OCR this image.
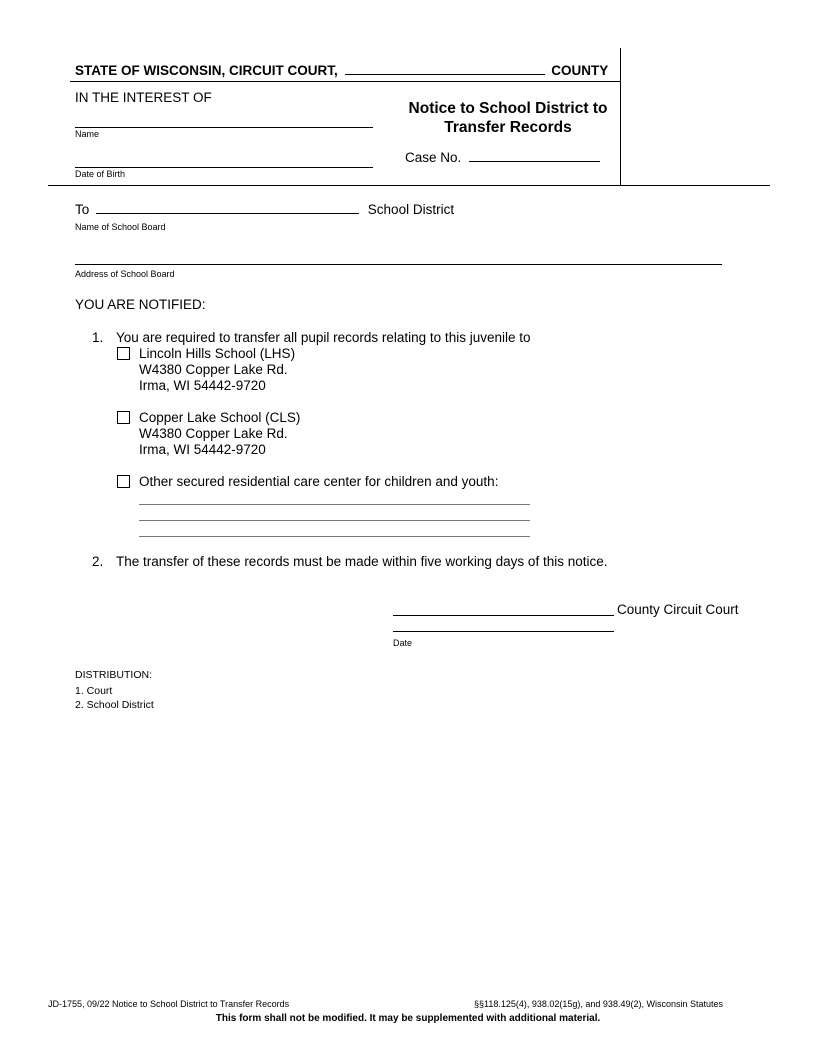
STATE OF WISCONSIN, CIRCUIT COURT,	COUNTY
IN THE INTEREST OF
Name
Date of Birth
Notice to School District to
Transfer Records
Case No.
To	School District
Name of School Board
Address of School Board
YOU ARE NOTIFIED:
1. You are required to transfer all pupil records relating to this juvenile to
Lincoln Hills School (LHS)
W4380 Copper Lake Rd.
Irma, WI 54442-9720
Copper Lake School (CLS)
W4380 Copper Lake Rd.
Irma, WI 54442-9720
Other secured residential care center for children and youth:
2. The transfer of these records must be made within five working days of this notice.
County Circuit Court
Date
DISTRIBUTION:
1. Court
2. School District
JD-1755, 09/22 Notice to School District to Transfer Records	§§118.125(4), 938.02(15g), and 938.49(2), Wisconsin Statutes
This form shall not be modified. It may be supplemented with additional material.
